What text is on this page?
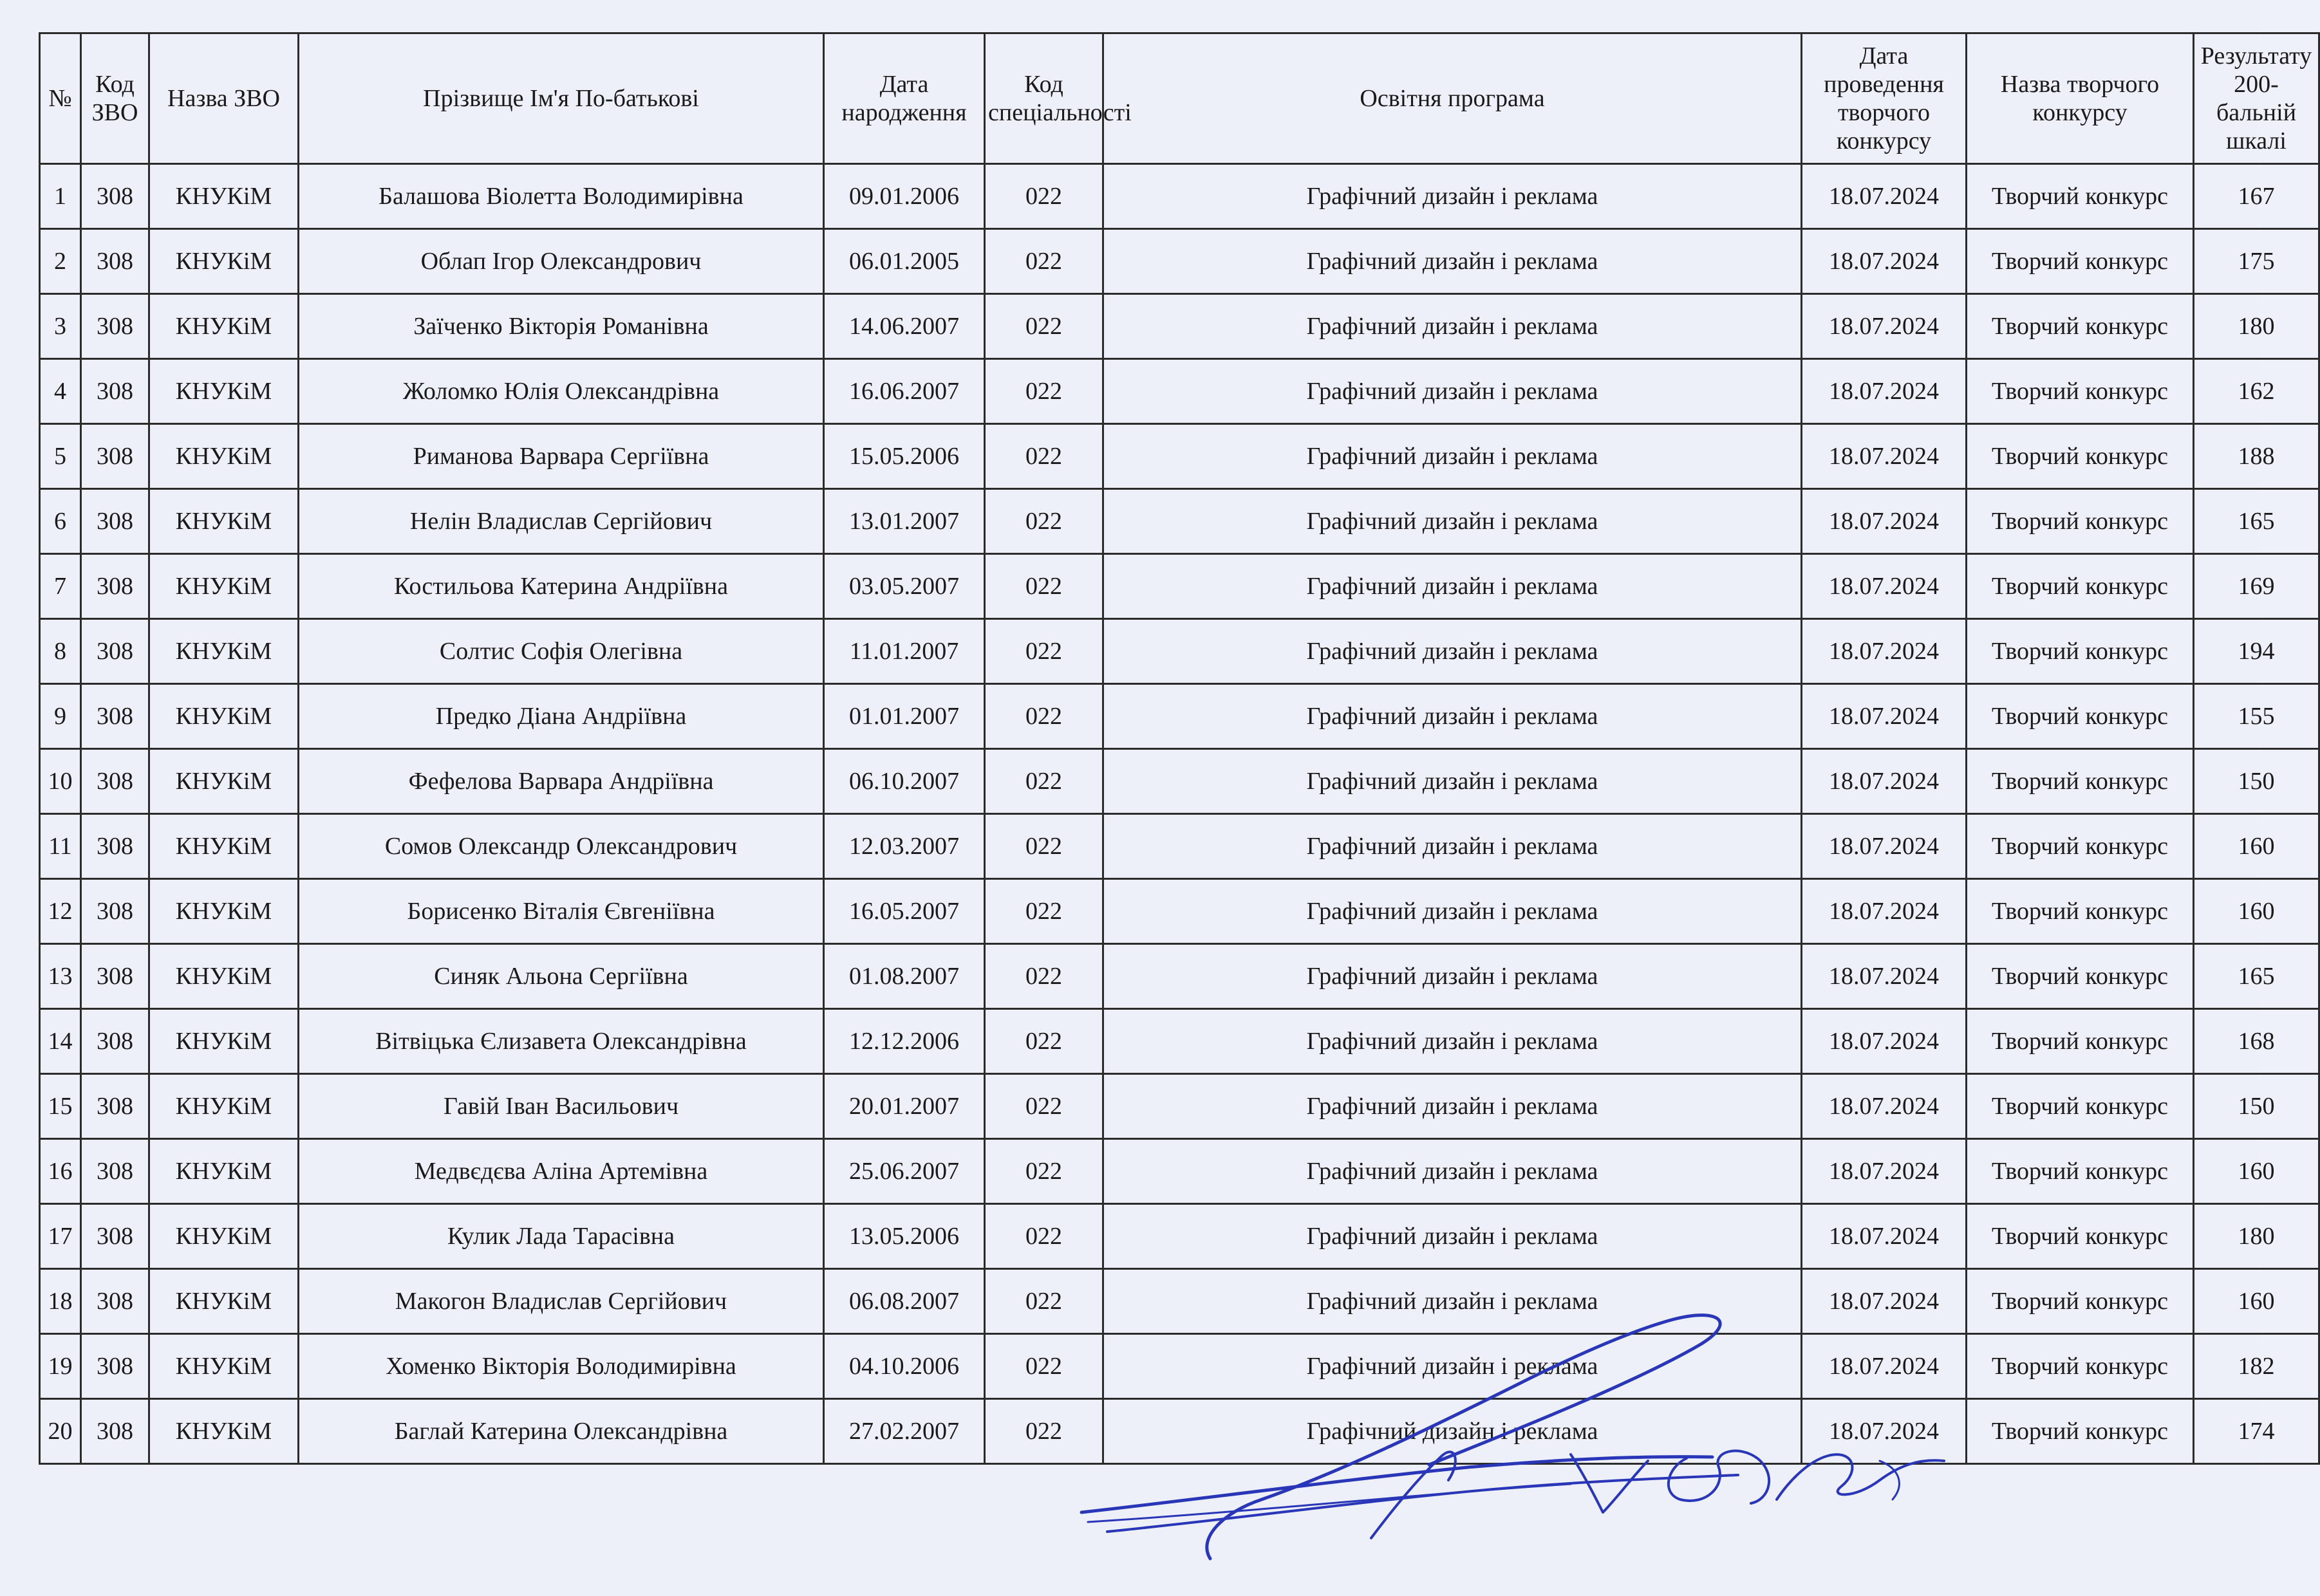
№	Код ЗВО	Назва ЗВО	Прізвище Ім'я По-батькові	Дата народження	Код спеціальності	Освітня програма	Дата проведення творчого конкурсу	Назва творчого конкурсу	Результату 200-бальній шкалі
1	308	КНУКіМ	Балашова Віолетта Володимирівна	09.01.2006	022	Графічний дизайн і реклама	18.07.2024	Творчий конкурс	167
2	308	КНУКіМ	Облап Ігор Олександрович	06.01.2005	022	Графічний дизайн і реклама	18.07.2024	Творчий конкурс	175
3	308	КНУКіМ	Заїченко Вікторія Романівна	14.06.2007	022	Графічний дизайн і реклама	18.07.2024	Творчий конкурс	180
4	308	КНУКіМ	Жоломко Юлія Олександрівна	16.06.2007	022	Графічний дизайн і реклама	18.07.2024	Творчий конкурс	162
5	308	КНУКіМ	Риманова Варвара Сергіївна	15.05.2006	022	Графічний дизайн і реклама	18.07.2024	Творчий конкурс	188
6	308	КНУКіМ	Нелін Владислав Сергійович	13.01.2007	022	Графічний дизайн і реклама	18.07.2024	Творчий конкурс	165
7	308	КНУКіМ	Костильова Катерина Андріївна	03.05.2007	022	Графічний дизайн і реклама	18.07.2024	Творчий конкурс	169
8	308	КНУКіМ	Солтис Софія Олегівна	11.01.2007	022	Графічний дизайн і реклама	18.07.2024	Творчий конкурс	194
9	308	КНУКіМ	Предко Діана Андріївна	01.01.2007	022	Графічний дизайн і реклама	18.07.2024	Творчий конкурс	155
10	308	КНУКіМ	Фефелова Варвара Андріївна	06.10.2007	022	Графічний дизайн і реклама	18.07.2024	Творчий конкурс	150
11	308	КНУКіМ	Сомов Олександр Олександрович	12.03.2007	022	Графічний дизайн і реклама	18.07.2024	Творчий конкурс	160
12	308	КНУКіМ	Борисенко Віталія Євгеніївна	16.05.2007	022	Графічний дизайн і реклама	18.07.2024	Творчий конкурс	160
13	308	КНУКіМ	Синяк Альона Сергіївна	01.08.2007	022	Графічний дизайн і реклама	18.07.2024	Творчий конкурс	165
14	308	КНУКіМ	Вітвіцька Єлизавета Олександрівна	12.12.2006	022	Графічний дизайн і реклама	18.07.2024	Творчий конкурс	168
15	308	КНУКіМ	Гавій Іван Васильович	20.01.2007	022	Графічний дизайн і реклама	18.07.2024	Творчий конкурс	150
16	308	КНУКіМ	Медвєдєва Аліна Артемівна	25.06.2007	022	Графічний дизайн і реклама	18.07.2024	Творчий конкурс	160
17	308	КНУКіМ	Кулик Лада Тарасівна	13.05.2006	022	Графічний дизайн і реклама	18.07.2024	Творчий конкурс	180
18	308	КНУКіМ	Макогон Владислав Сергійович	06.08.2007	022	Графічний дизайн і реклама	18.07.2024	Творчий конкурс	160
19	308	КНУКіМ	Хоменко Вікторія Володимирівна	04.10.2006	022	Графічний дизайн і реклама	18.07.2024	Творчий конкурс	182
20	308	КНУКіМ	Баглай Катерина Олександрівна	27.02.2007	022	Графічний дизайн і реклама	18.07.2024	Творчий конкурс	174
